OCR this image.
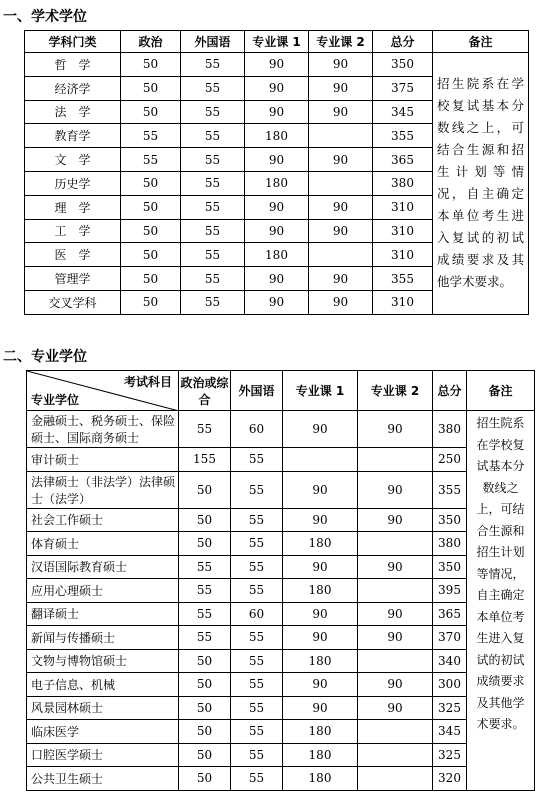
一、学术学位
学科门类	政治	外国语	专业课 1	专业课 2	总分	备注
哲　学	50	55	90	90	350	招生院系在学校复试基本分数线之上，可结合生源和招生计划等情况，自主确定本单位考生进入复试的初试成绩要求及其他学术要求。
经济学	50	55	90	90	375	
法　学	50	55	90	90	345	
教育学	55	55	180		355	
文　学	55	55	90	90	365	
历史学	50	55	180		380	
理　学	50	55	90	90	310	
工　学	50	55	90	90	310	
医　学	50	55	180		310	
管理学	50	55	90	90	355	
交叉学科	50	55	90	90	310	
二、专业学位
考试科目
专业学位	政治或综合	外国语	专业课 1	专业课 2	总分	备注
金融硕士、税务硕士、保险硕士、国际商务硕士	55	60	90	90	380	招生院系在学校复试基本分数线之上，可结合生源和招生计划等情况，自主确定本单位考生进入复试的初试成绩要求及其他学术要求。
审计硕士	155	55			250	
法律硕士（非法学）法律硕士（法学）	50	55	90	90	355	
社会工作硕士	50	55	90	90	350	
体育硕士	50	55	180		380	
汉语国际教育硕士	55	55	90	90	350	
应用心理硕士	55	55	180		395	
翻译硕士	55	60	90	90	365	
新闻与传播硕士	55	55	90	90	370	
文物与博物馆硕士	50	55	180		340	
电子信息、机械	50	55	90	90	300	
风景园林硕士	50	55	90	90	325	
临床医学	50	55	180		345	
口腔医学硕士	50	55	180		325	
公共卫生硕士	50	55	180		320	
